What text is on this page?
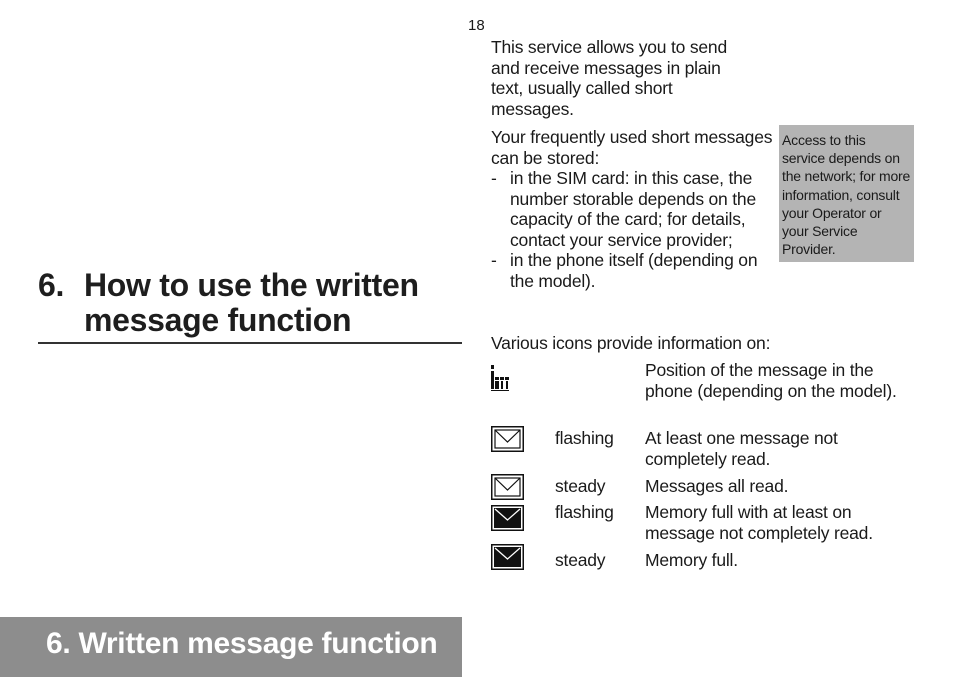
18
6. How to use the written message function
This service allows you to send and receive messages in plain text, usually called short messages.
Your frequently used short messages can be stored:
- in the SIM card: in this case, the number storable depends on the capacity of the card; for details, contact your service provider;
- in the phone itself (depending on the model).
Access to this service depends on the network; for more information, consult your Operator or your Service Provider.
Various icons provide information on:
Position of the message in the phone (depending on the model).
flashing At least one message not completely read.
steady Messages all read.
flashing Memory full with at least on message not completely read.
steady Memory full.
6. Written message function
